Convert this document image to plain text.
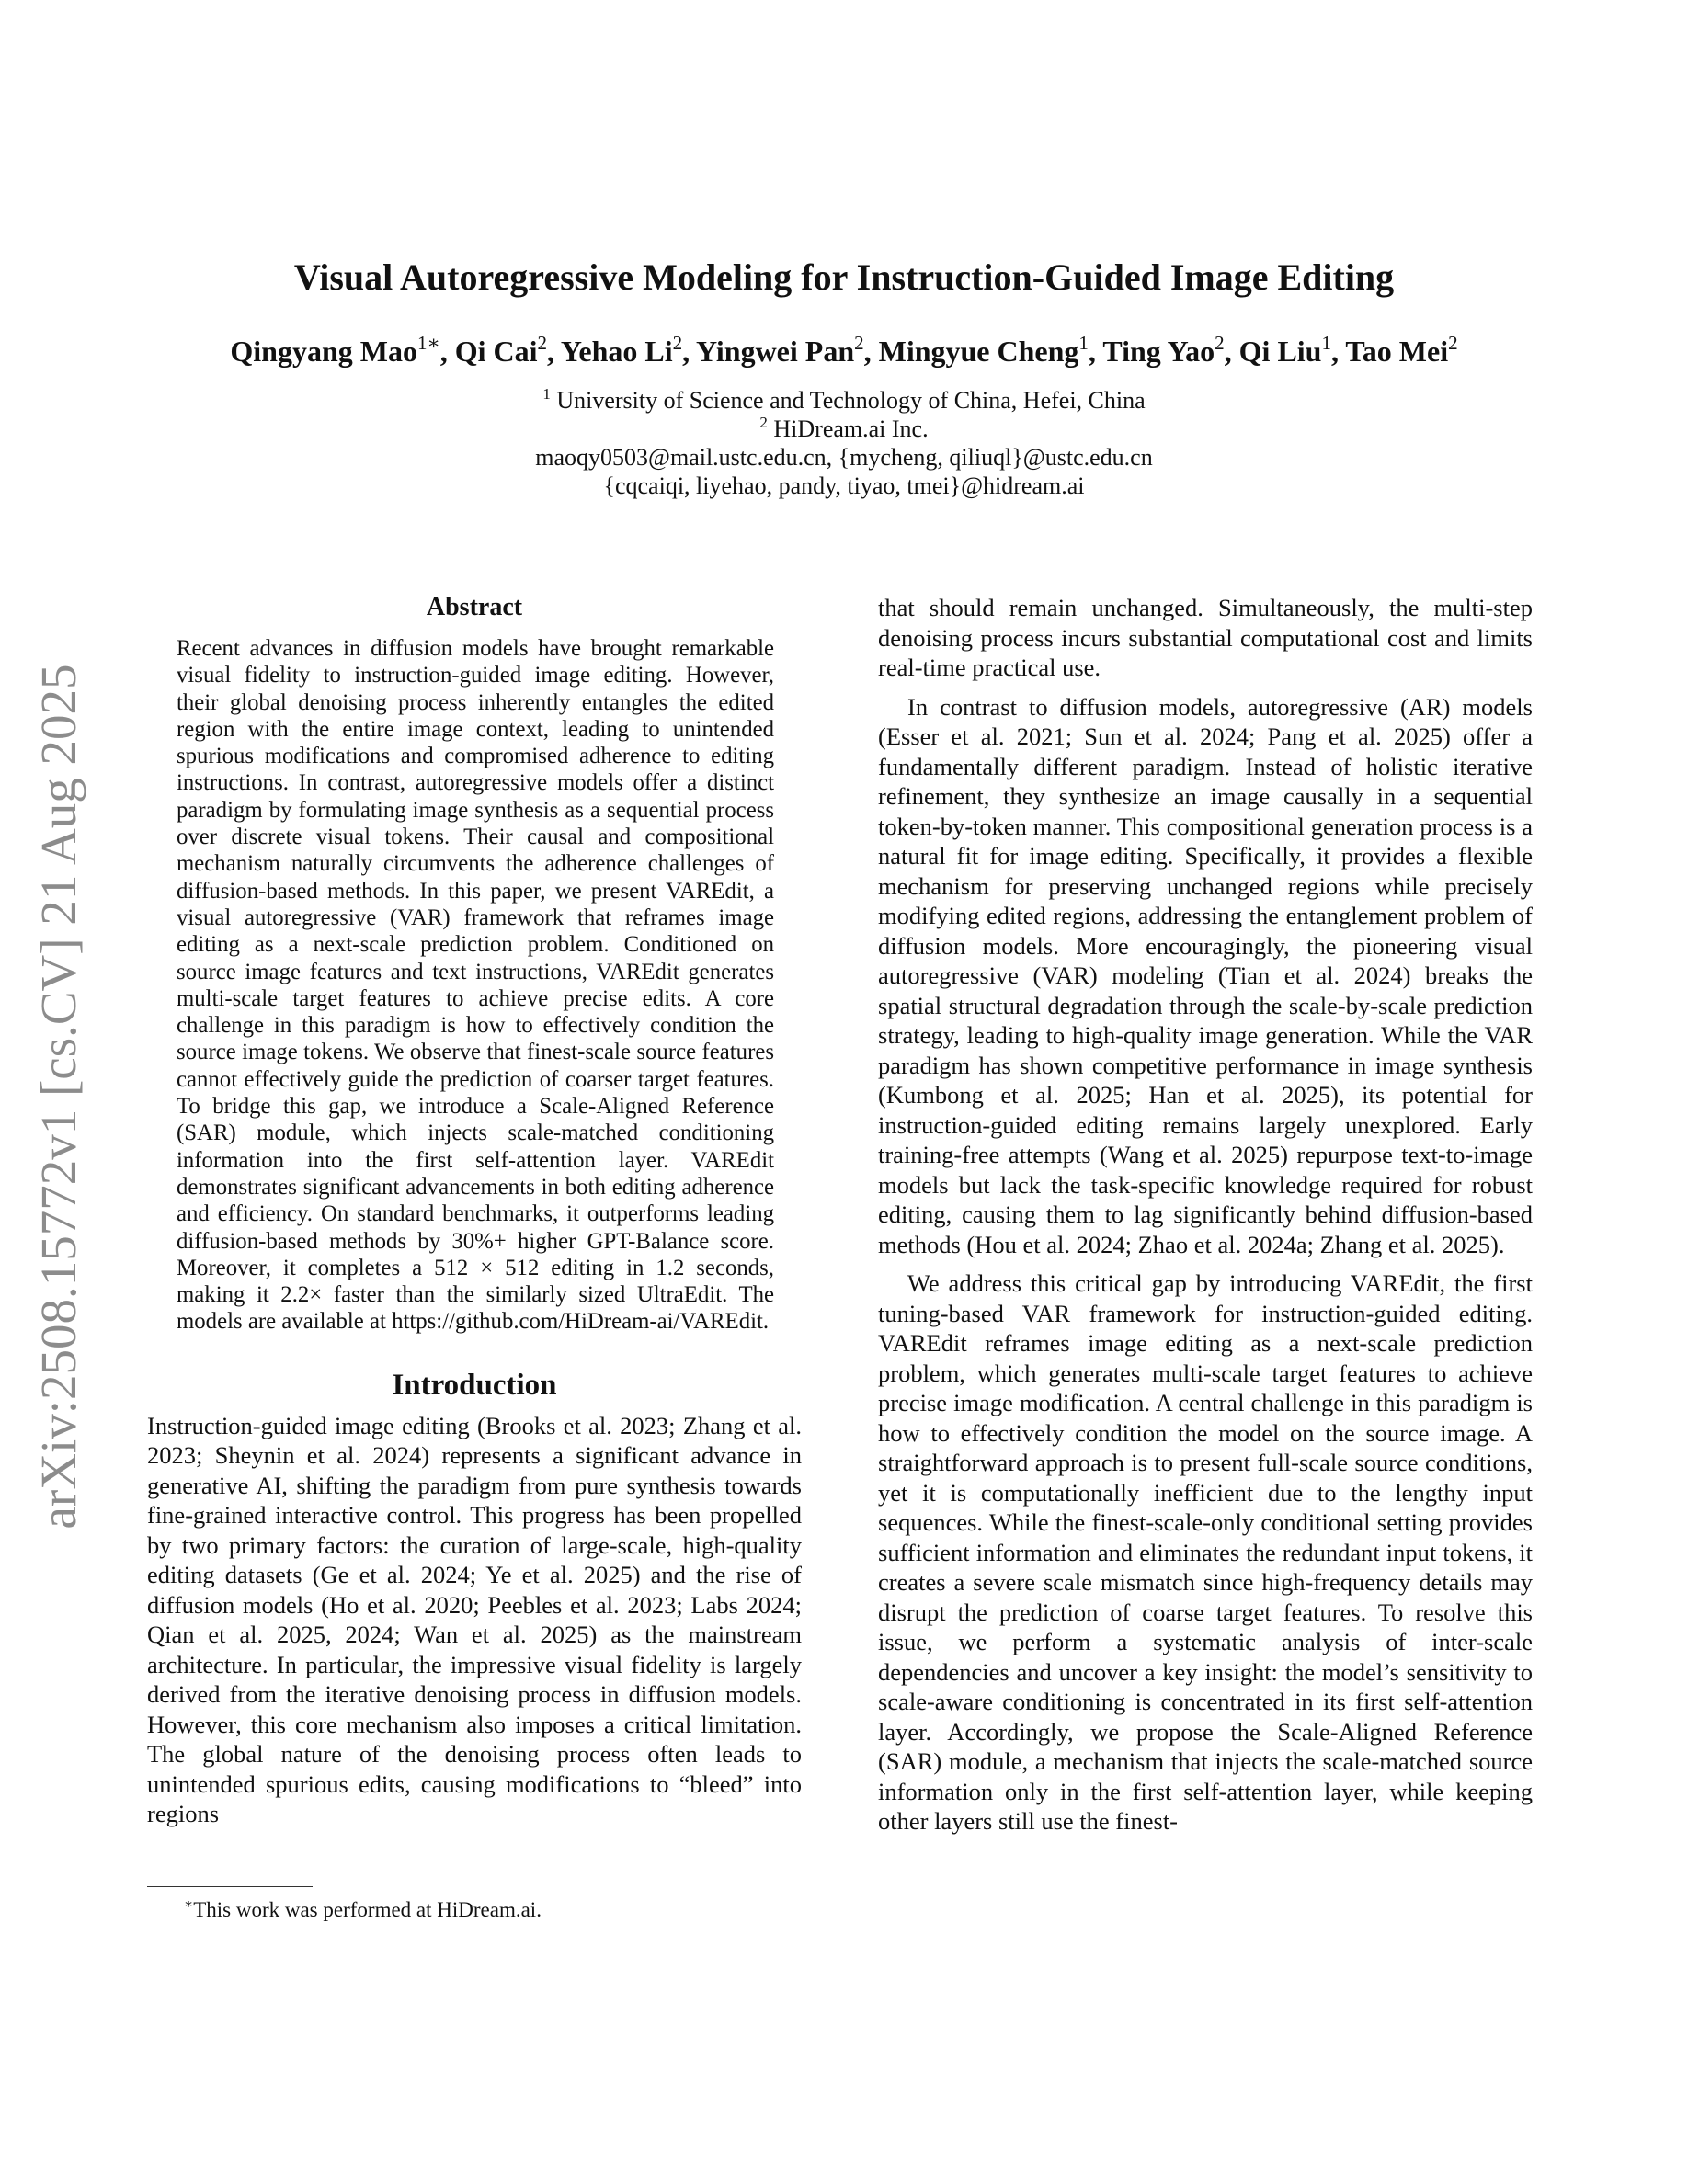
Visual Autoregressive Modeling for Instruction-Guided Image Editing
Qingyang Mao$^{1∗}$, Qi Cai$^2$, Yehao Li$^2$, Yingwei Pan$^2$, Mingyue Cheng$^1$, Ting Yao$^2$, Qi Liu$^1$, Tao Mei$^2$
$^1$ University of Science and Technology of China, Hefei, China
$^2$ HiDream.ai Inc.
maoqy0503@mail.ustc.edu.cn, {mycheng, qiliuql}@ustc.edu.cn
{cqcaiqi, liyehao, pandy, tiyao, tmei}@hidream.ai
arXiv:2508.15772v1 [cs.CV] 21 Aug 2025
Abstract

Recent advances in diffusion models have brought remarkable visual fidelity to instruction-guided image editing. However, their global denoising process inherently entangles the edited region with the entire image context, leading to unintended spurious modifications and compromised adherence to editing instructions. In contrast, autoregressive models offer a distinct paradigm by formulating image synthesis as a sequential process over discrete visual tokens. Their causal and compositional mechanism naturally circumvents the adherence challenges of diffusion-based methods. In this paper, we present VAREdit, a visual autoregressive (VAR) framework that reframes image editing as a next-scale prediction problem. Conditioned on source image features and text instructions, VAREdit generates multi-scale target features to achieve precise edits. A core challenge in this paradigm is how to effectively condition the source image tokens. We observe that finest-scale source features cannot effectively guide the prediction of coarser target features. To bridge this gap, we introduce a Scale-Aligned Reference (SAR) module, which injects scale-matched conditioning information into the first self-attention layer. VAREdit demonstrates significant advancements in both editing adherence and efficiency. On standard benchmarks, it outperforms leading diffusion-based methods by 30%+ higher GPT-Balance score. Moreover, it completes a 512 × 512 editing in 1.2 seconds, making it 2.2× faster than the similarly sized UltraEdit. The models are available at https://github.com/HiDream-ai/VAREdit.

Introduction

Instruction-guided image editing (Brooks et al. 2023; Zhang et al. 2023; Sheynin et al. 2024) represents a significant advance in generative AI, shifting the paradigm from pure synthesis towards fine-grained interactive control. This progress has been propelled by two primary factors: the curation of large-scale, high-quality editing datasets (Ge et al. 2024; Ye et al. 2025) and the rise of diffusion models (Ho et al. 2020; Peebles et al. 2023; Labs 2024; Qian et al. 2025, 2024; Wan et al. 2025) as the mainstream architecture. In particular, the impressive visual fidelity is largely derived from the iterative denoising process in diffusion models. However, this core mechanism also imposes a critical limitation. The global nature of the denoising process often leads to unintended spurious edits, causing modifications to “bleed” into regions

that should remain unchanged. Simultaneously, the multi-step denoising process incurs substantial computational cost and limits real-time practical use.

In contrast to diffusion models, autoregressive (AR) models (Esser et al. 2021; Sun et al. 2024; Pang et al. 2025) offer a fundamentally different paradigm. Instead of holistic iterative refinement, they synthesize an image causally in a sequential token-by-token manner. This compositional generation process is a natural fit for image editing. Specifically, it provides a flexible mechanism for preserving unchanged regions while precisely modifying edited regions, addressing the entanglement problem of diffusion models. More encouragingly, the pioneering visual autoregressive (VAR) modeling (Tian et al. 2024) breaks the spatial structural degradation through the scale-by-scale prediction strategy, leading to high-quality image generation. While the VAR paradigm has shown competitive performance in image synthesis (Kumbong et al. 2025; Han et al. 2025), its potential for instruction-guided editing remains largely unexplored. Early training-free attempts (Wang et al. 2025) repurpose text-to-image models but lack the task-specific knowledge required for robust editing, causing them to lag significantly behind diffusion-based methods (Hou et al. 2024; Zhao et al. 2024a; Zhang et al. 2025).

We address this critical gap by introducing VAREdit, the first tuning-based VAR framework for instruction-guided editing. VAREdit reframes image editing as a next-scale prediction problem, which generates multi-scale target features to achieve precise image modification. A central challenge in this paradigm is how to effectively condition the model on the source image. A straightforward approach is to present full-scale source conditions, yet it is computationally inefficient due to the lengthy input sequences. While the finest-scale-only conditional setting provides sufficient information and eliminates the redundant input tokens, it creates a severe scale mismatch since high-frequency details may disrupt the prediction of coarse target features. To resolve this issue, we perform a systematic analysis of inter-scale dependencies and uncover a key insight: the model’s sensitivity to scale-aware conditioning is concentrated in its first self-attention layer. Accordingly, we propose the Scale-Aligned Reference (SAR) module, a mechanism that injects the scale-matched source information only in the first self-attention layer, while keeping other layers still use the finest-

∗This work was performed at HiDream.ai.
